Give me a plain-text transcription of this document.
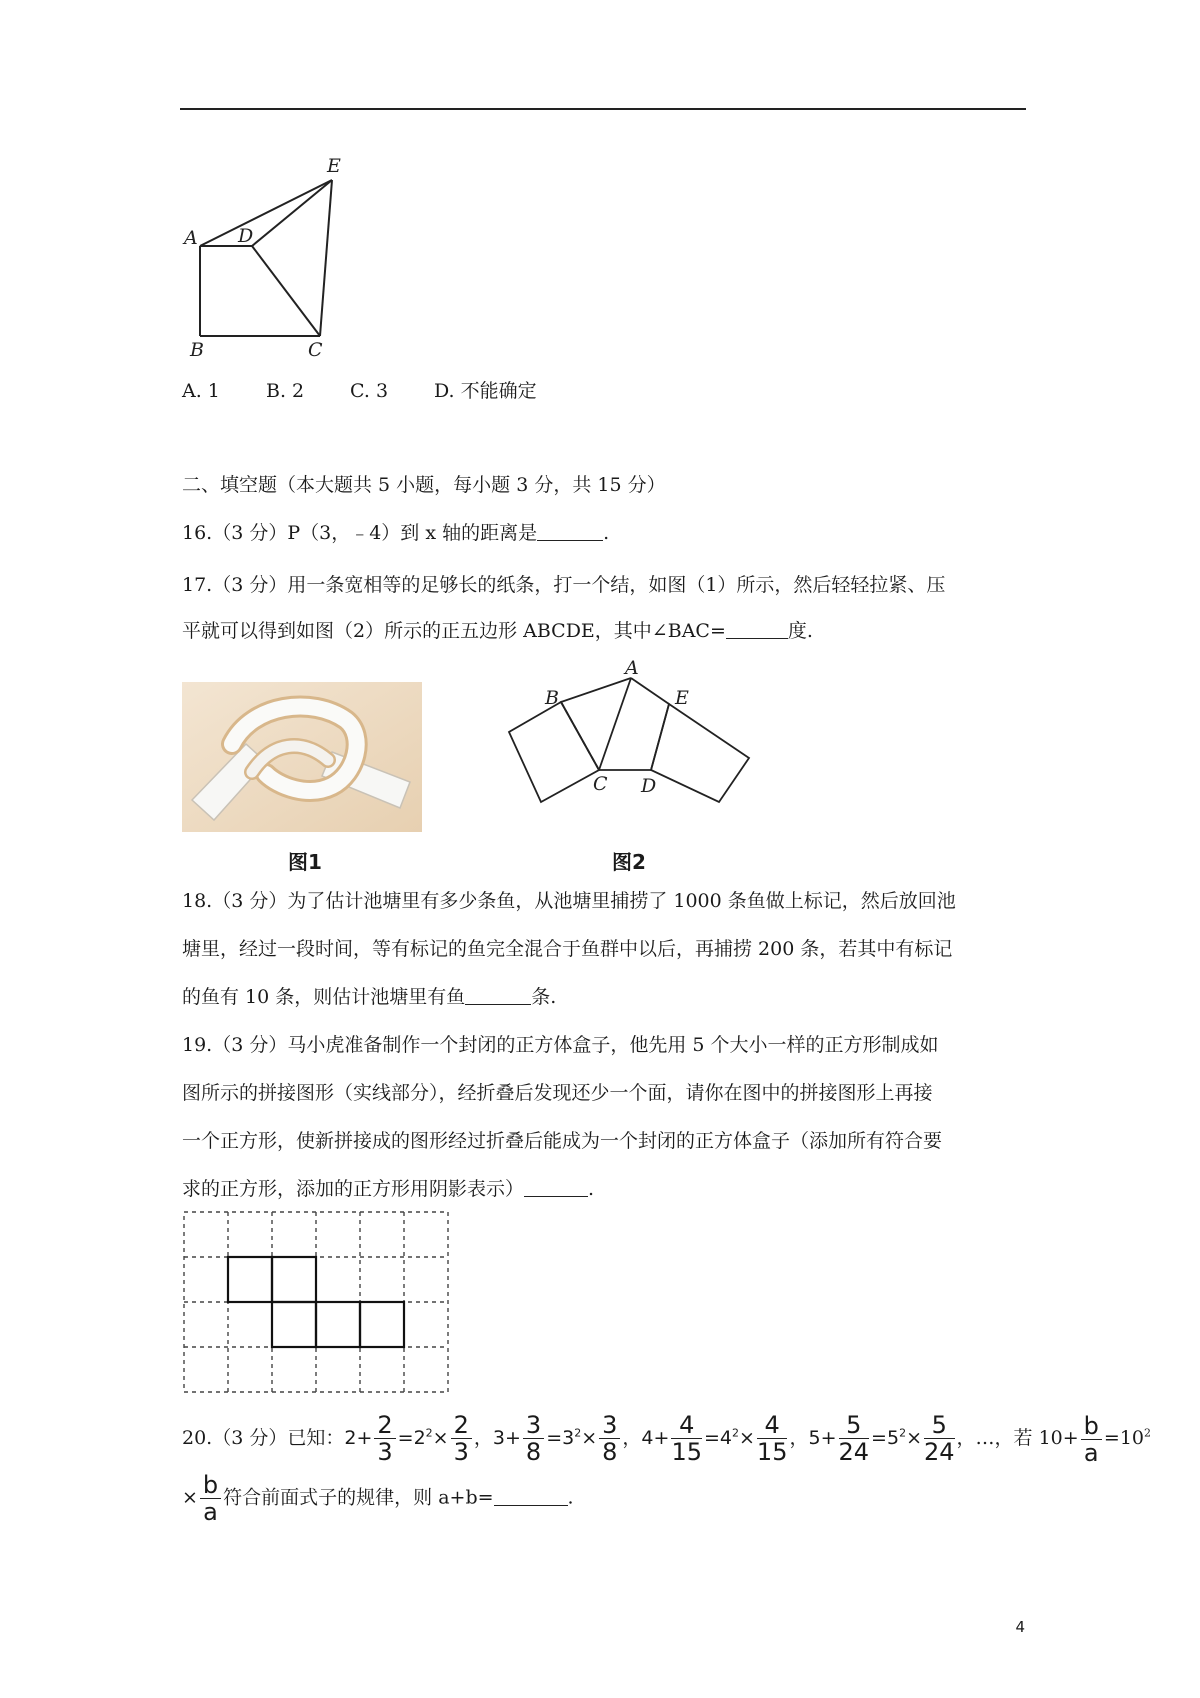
E
A D
B	C
A. 1 B. 2 C. 3 D. 不能确定
二、填空题（本大题共 5 小题，每小题 3 分，共 15 分）
16.（3 分）P（3，﹣4）到 x 轴的距离是	.
17.（3 分）用一条宽相等的足够长的纸条，打一个结，如图（1）所示，然后轻轻拉紧、压
平就可以得到如图（2）所示的正五边形 ABCDE，其中∠BAC=	度.
图1
A
B	E
C D
图2
18.（3 分）为了估计池塘里有多少条鱼，从池塘里捕捞了 1000 条鱼做上标记，然后放回池
塘里，经过一段时间，等有标记的鱼完全混合于鱼群中以后，再捕捞 200 条，若其中有标记
的鱼有 10 条，则估计池塘里有鱼	条.
19.（3 分）马小虎准备制作一个封闭的正方体盒子，他先用 5 个大小一样的正方形制成如
图所示的拼接图形（实线部分），经折叠后发现还少一个面，请你在图中的拼接图形上再接
一个正方形，使新拼接成的图形经过折叠后能成为一个封闭的正方体盒子（添加所有符合要
求的正方形，添加的正方形用阴影表示）	.
20.（3 分）已知：$2+ \frac{2}{3} =2^2\times \frac{2}{3}$ ，$3+ \frac{3}{8} =3^2\times \frac{3}{8}$ ，$4+ \frac{4}{15} =4^2\times \frac{4}{15}$ ，$5+ \frac{5}{24} =5^2\times \frac{5}{24}$ ，…，若 $10+ \frac{b}{a} =10^2$
× $\frac{b}{a}$ 符合前面式子的规律，则 a+b=	.
4
